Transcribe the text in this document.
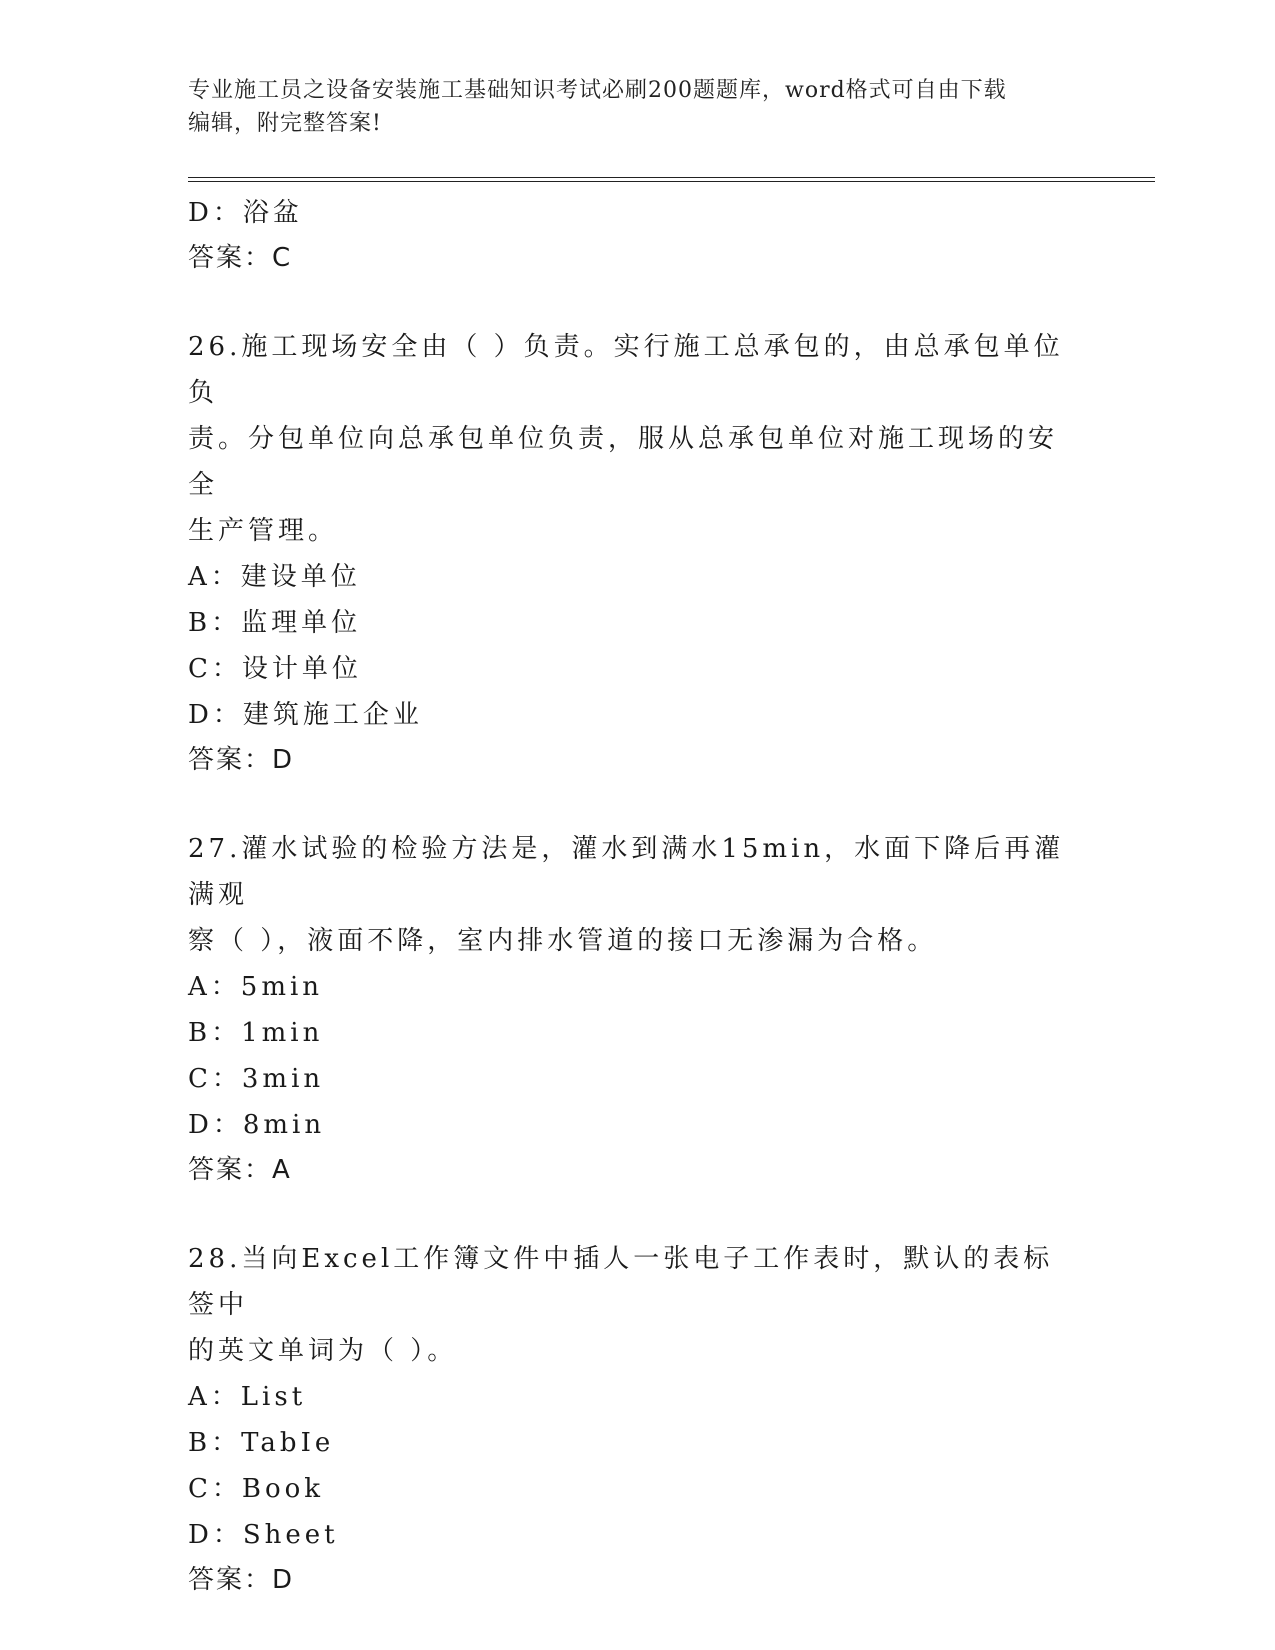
专业施工员之设备安装施工基础知识考试必刷200题题库，word格式可自由下载
编辑，附完整答案!
D：浴盆
答案：C
26.施工现场安全由（ ）负责。实行施工总承包的，由总承包单位负
责。分包单位向总承包单位负责，服从总承包单位对施工现场的安全
生产管理。
A：建设单位
B：监理单位
C：设计单位
D：建筑施工企业
答案：D
27.灌水试验的检验方法是，灌水到满水15min，水面下降后再灌满观
察（ ），液面不降，室内排水管道的接口无渗漏为合格。
A：5min
B：1min
C：3min
D：8min
答案：A
28.当向Excel工作簿文件中插人一张电子工作表时，默认的表标签中
的英文单词为（ ）。
A：List
B：TabIe
C：Book
D：Sheet
答案：D
